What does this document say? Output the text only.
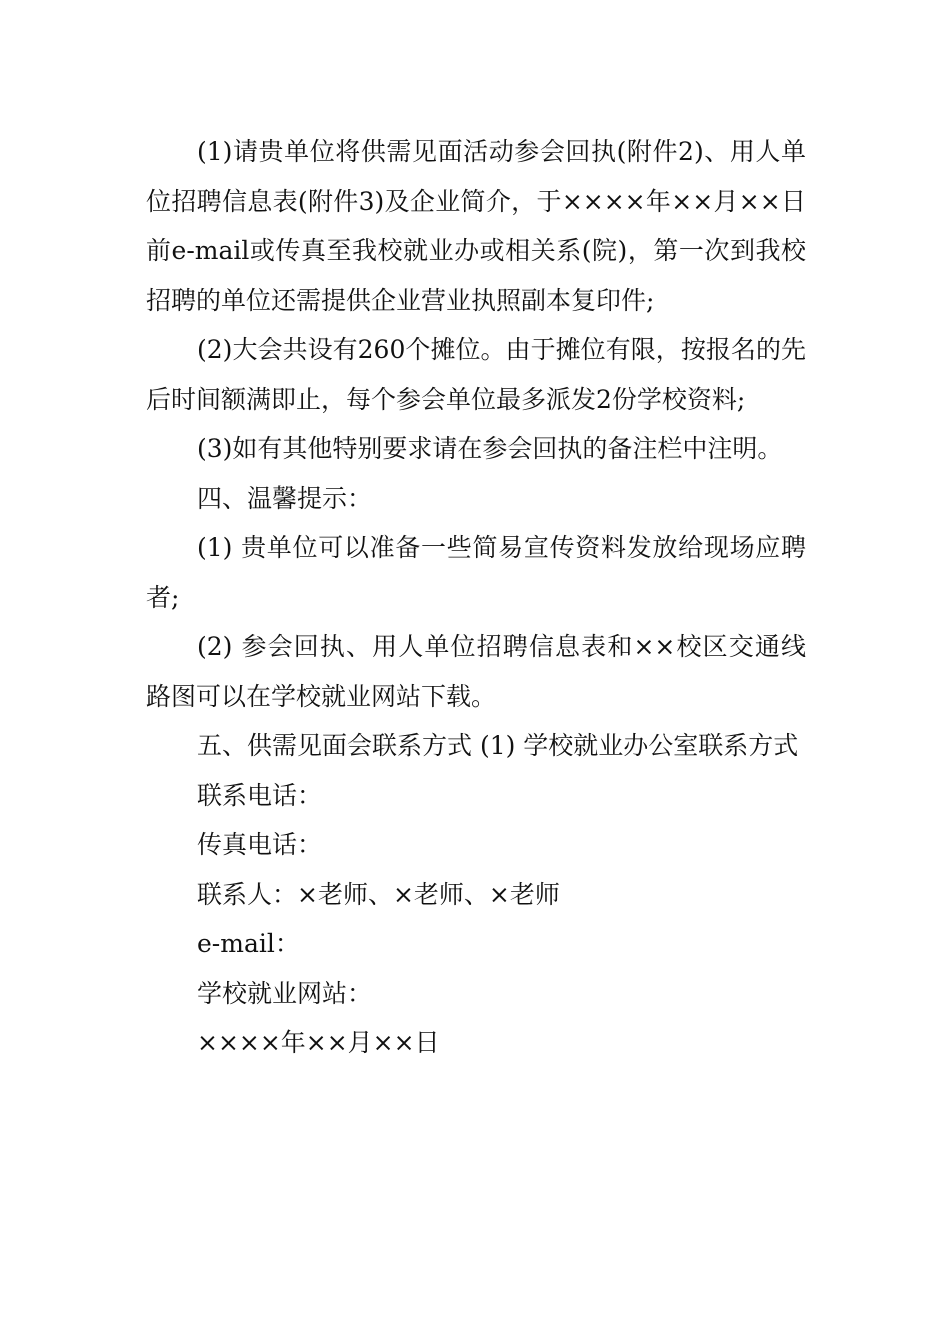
(1)请贵单位将供需见面活动参会回执(附件2)、用人单位招聘信息表(附件3)及企业简介，于××××年××月××日前e-mail或传真至我校就业办或相关系(院)，第一次到我校招聘的单位还需提供企业营业执照副本复印件;

(2)大会共设有260个摊位。由于摊位有限，按报名的先后时间额满即止，每个参会单位最多派发2份学校资料;

(3)如有其他特别要求请在参会回执的备注栏中注明。

四、温馨提示：

(1) 贵单位可以准备一些简易宣传资料发放给现场应聘者;

(2) 参会回执、用人单位招聘信息表和××校区交通线路图可以在学校就业网站下载。

五、供需见面会联系方式 (1) 学校就业办公室联系方式

联系电话：

传真电话：

联系人：×老师、×老师、×老师

e-mail：

学校就业网站：

××××年××月××日
